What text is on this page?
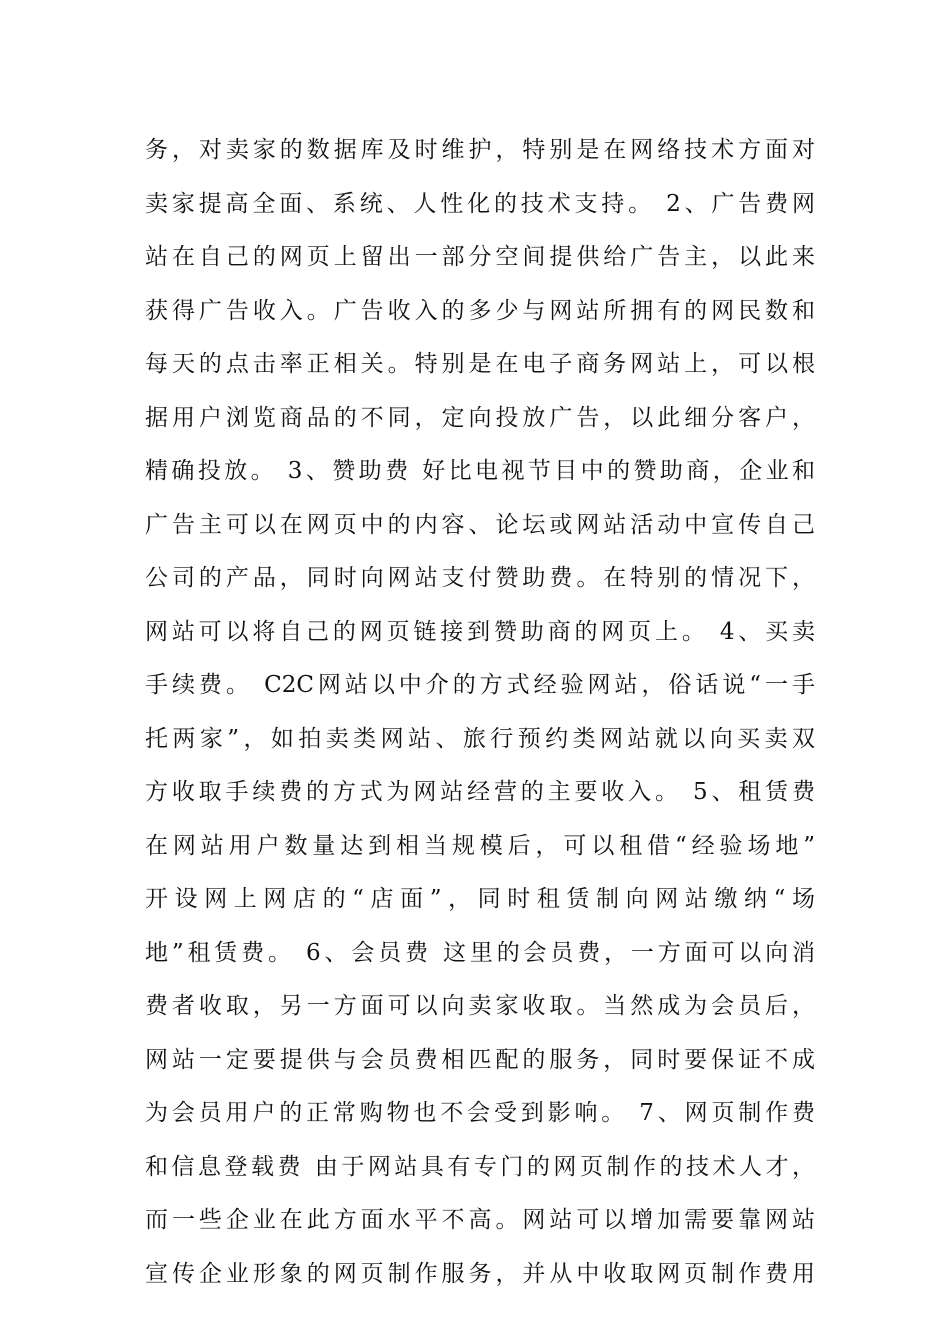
务，对卖家的数据库及时维护，特别是在网络技术方面对
卖家提高全面、系统、人性化的技术支持。 2、广告费网
站在自己的网页上留出一部分空间提供给广告主，以此来
获得广告收入。广告收入的多少与网站所拥有的网民数和
每天的点击率正相关。特别是在电子商务网站上，可以根
据用户浏览商品的不同，定向投放广告，以此细分客户，
精确投放。 3、赞助费 好比电视节目中的赞助商，企业和
广告主可以在网页中的内容、论坛或网站活动中宣传自己
公司的产品，同时向网站支付赞助费。在特别的情况下，
网站可以将自己的网页链接到赞助商的网页上。 4、买卖
手续费。 C2C网站以中介的方式经验网站，俗话说“一手
托两家”，如拍卖类网站、旅行预约类网站就以向买卖双
方收取手续费的方式为网站经营的主要收入。 5、租赁费
在网站用户数量达到相当规模后，可以租借“经验场地”
开设网上网店的“店面”，同时租赁制向网站缴纳“场
地”租赁费。 6、会员费 这里的会员费，一方面可以向消
费者收取，另一方面可以向卖家收取。当然成为会员后，
网站一定要提供与会员费相匹配的服务，同时要保证不成
为会员用户的正常购物也不会受到影响。 7、网页制作费
和信息登载费 由于网站具有专门的网页制作的技术人才，
而一些企业在此方面水平不高。网站可以增加需要靠网站
宣传企业形象的网页制作服务，并从中收取网页制作费用
